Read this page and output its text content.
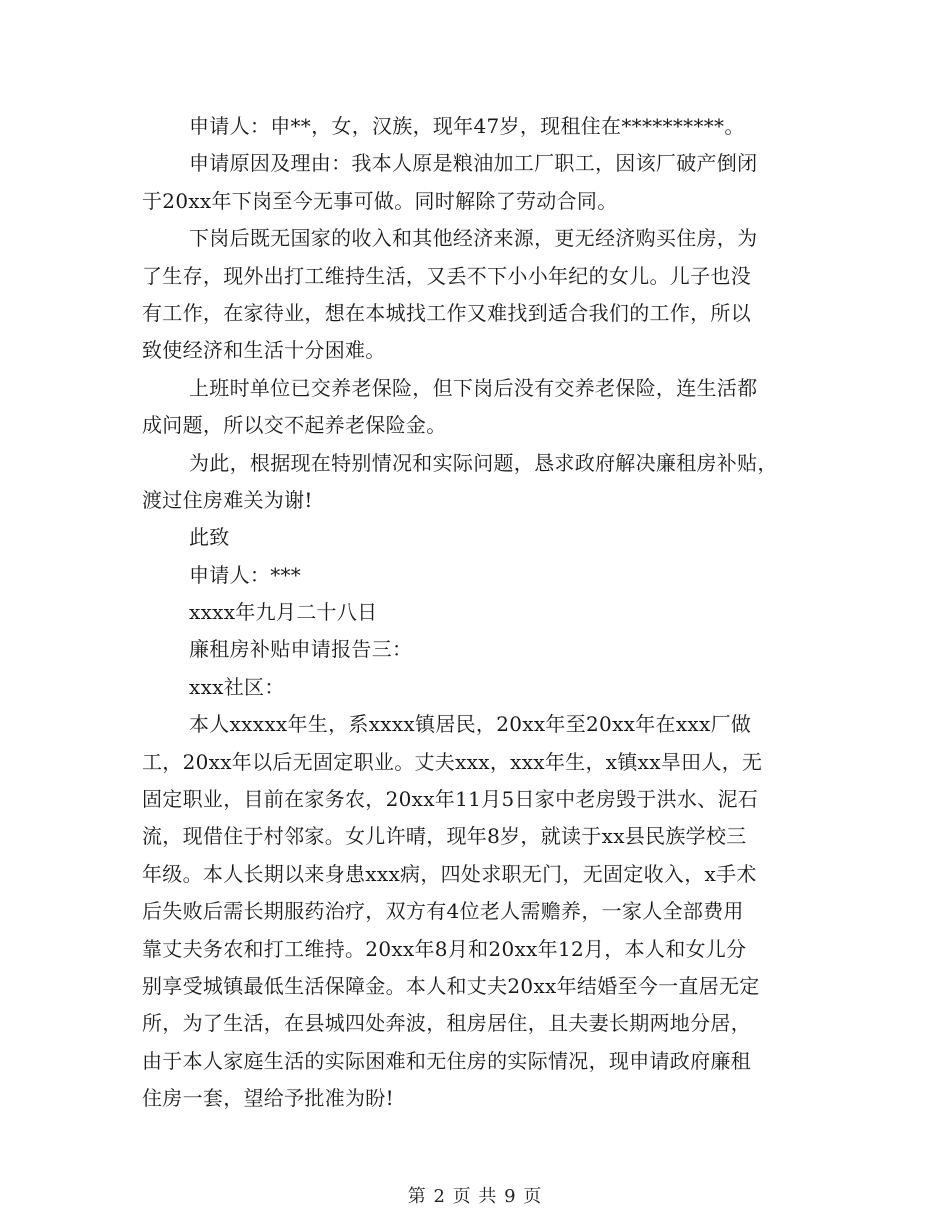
申请人：申**，女，汉族，现年47岁，现租住在**********。
申请原因及理由：我本人原是粮油加工厂职工，因该厂破产倒闭
于20xx年下岗至今无事可做。同时解除了劳动合同。
下岗后既无国家的收入和其他经济来源，更无经济购买住房，为
了生存，现外出打工维持生活，又丢不下小小年纪的女儿。儿子也没
有工作，在家待业，想在本城找工作又难找到适合我们的工作，所以
致使经济和生活十分困难。
上班时单位已交养老保险，但下岗后没有交养老保险，连生活都
成问题，所以交不起养老保险金。
为此，根据现在特别情况和实际问题，恳求政府解决廉租房补贴，
渡过住房难关为谢!
此致
申请人：***
xxxx年九月二十八日
廉租房补贴申请报告三：
xxx社区：
本人xxxxx年生，系xxxx镇居民，20xx年至20xx年在xxx厂做
工，20xx年以后无固定职业。丈夫xxx，xxx年生，x镇xx旱田人，无
固定职业，目前在家务农，20xx年11月5日家中老房毁于洪水、泥石
流，现借住于村邻家。女儿许晴，现年8岁，就读于xx县民族学校三
年级。本人长期以来身患xxx病，四处求职无门，无固定收入，x手术
后失败后需长期服药治疗，双方有4位老人需赡养，一家人全部费用
靠丈夫务农和打工维持。20xx年8月和20xx年12月，本人和女儿分
别享受城镇最低生活保障金。本人和丈夫20xx年结婚至今一直居无定
所，为了生活，在县城四处奔波，租房居住，且夫妻长期两地分居，
由于本人家庭生活的实际困难和无住房的实际情况，现申请政府廉租
住房一套，望给予批准为盼!
第 2 页 共 9 页
